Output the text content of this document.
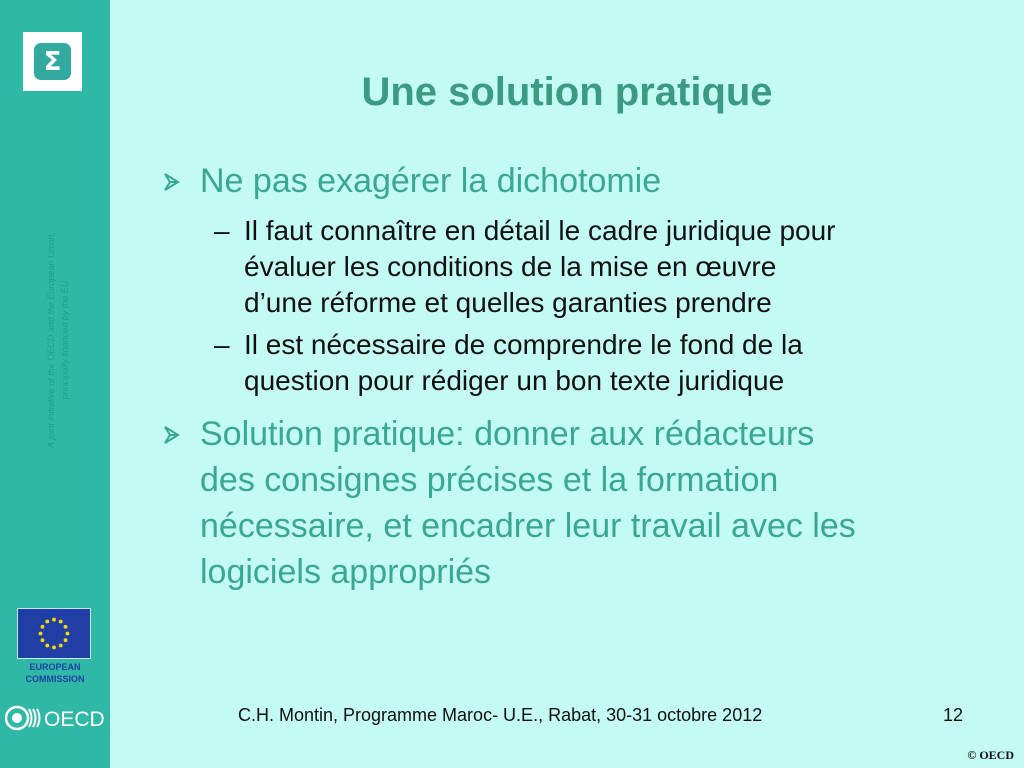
Σ
A joint initiative of the OECD and the European Union, principally financed by the EU
EUROPEAN
COMMISSION
OECD
Une solution pratique
Ne pas exagérer la dichotomie
– Il faut connaître en détail le cadre juridique pour
évaluer les conditions de la mise en œuvre
d’une réforme et quelles garanties prendre
– Il est nécessaire de comprendre le fond de la
question pour rédiger un bon texte juridique
Solution pratique: donner aux rédacteurs
des consignes précises et la formation
nécessaire, et encadrer leur travail avec les
logiciels appropriés
C.H. Montin, Programme Maroc- U.E., Rabat, 30-31 octobre 2012	12
© OECD
